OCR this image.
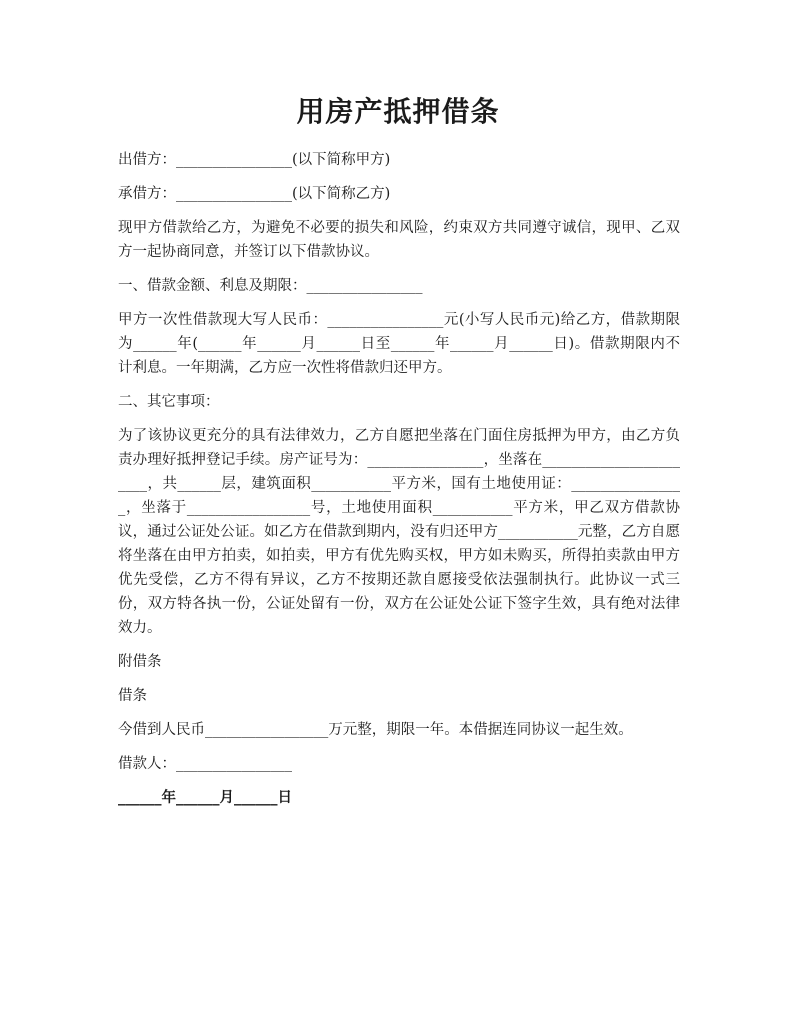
用房产抵押借条

出借方：________________(以下简称甲方)

承借方：________________(以下简称乙方)

现甲方借款给乙方，为避免不必要的损失和风险，约束双方共同遵守诚信，现甲、乙双方一起协商同意，并签订以下借款协议。

一、借款金额、利息及期限：________________

甲方一次性借款现大写人民币：________________元(小写人民币元)给乙方，借款期限为______年(______年______月______日至______年______月______日)。借款期限内不计利息。一年期满，乙方应一次性将借款归还甲方。

二、其它事项：

为了该协议更充分的具有法律效力，乙方自愿把坐落在门面住房抵押为甲方，由乙方负责办理好抵押登记手续。房产证号为：________________，坐落在_______________________，共______层，建筑面积___________平方米，国有土地使用证：________________，坐落于_________________号，土地使用面积___________平方米，甲乙双方借款协议，通过公证处公证。如乙方在借款到期内，没有归还甲方___________元整，乙方自愿将坐落在由甲方拍卖，如拍卖，甲方有优先购买权，甲方如未购买，所得拍卖款由甲方优先受偿，乙方不得有异议，乙方不按期还款自愿接受依法强制执行。此协议一式三份，双方特各执一份，公证处留有一份，双方在公证处公证下签字生效，具有绝对法律效力。

附借条

借条

今借到人民币_________________万元整，期限一年。本借据连同协议一起生效。

借款人：________________

______年______月______日
